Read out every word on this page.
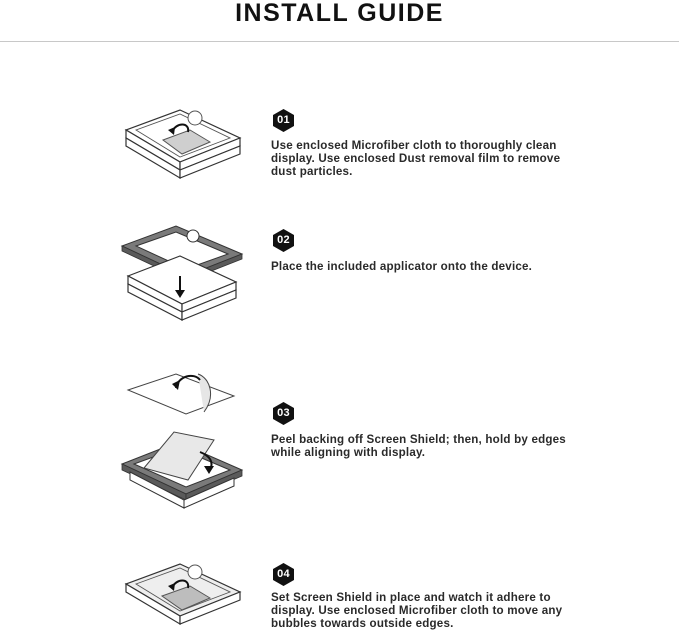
INSTALL GUIDE
01
Use enclosed Microfiber cloth to thoroughly clean display. Use enclosed Dust removal film to remove dust particles.
02
Place the included applicator onto the device.
03
Peel backing off Screen Shield; then, hold by edges while aligning with display.
04
Set Screen Shield in place and watch it adhere to display. Use enclosed Microfiber cloth to move any bubbles towards outside edges.
